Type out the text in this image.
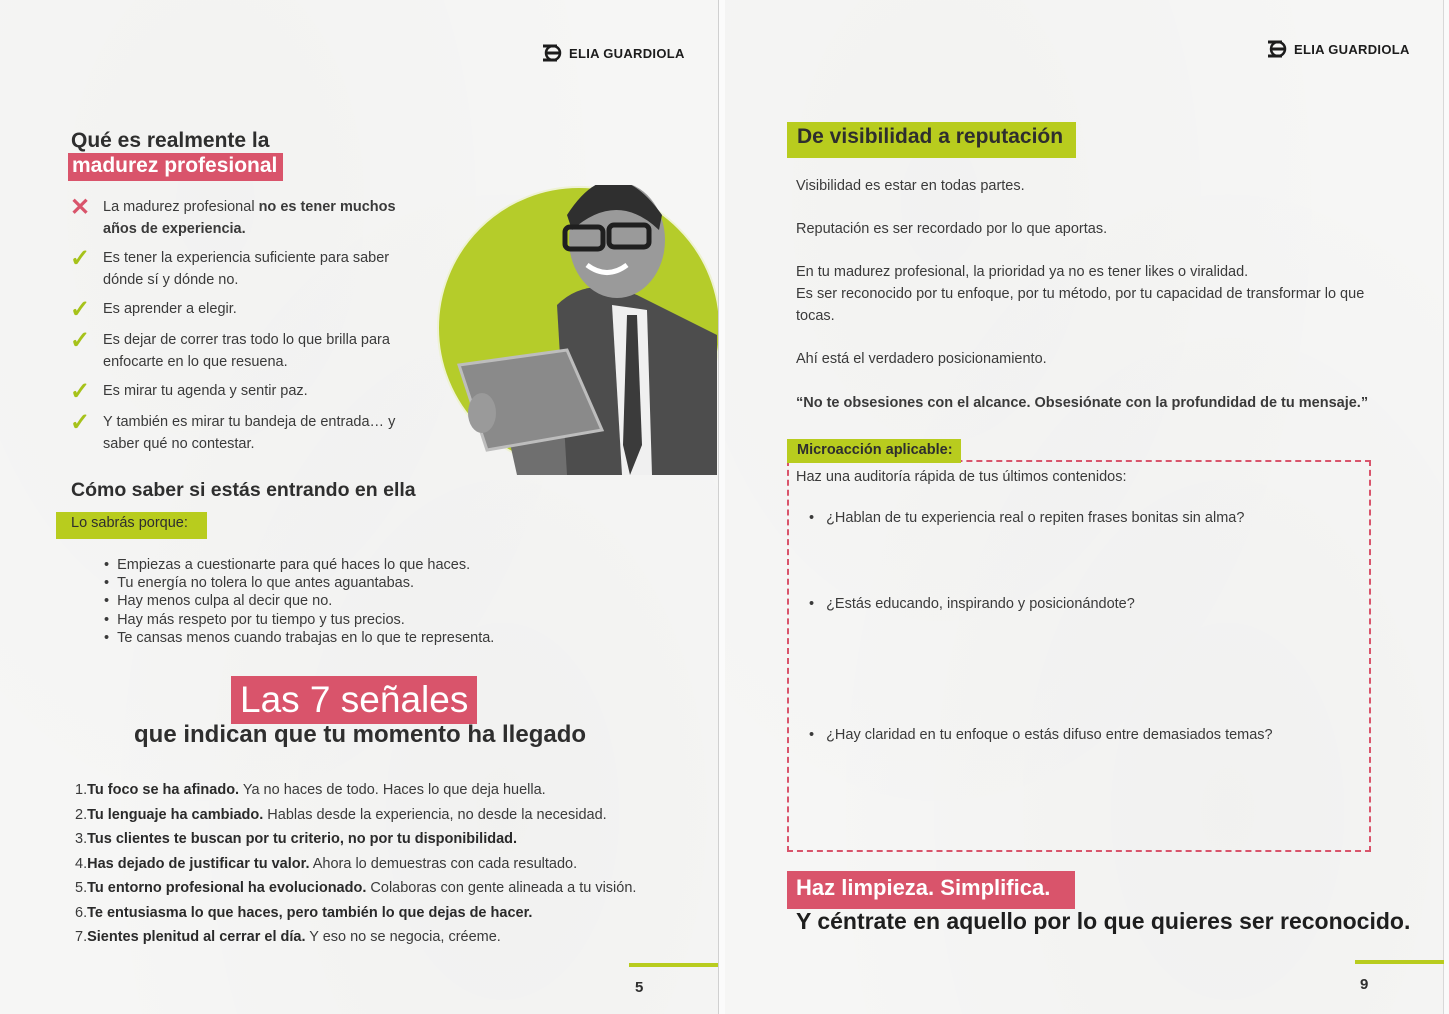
ELIA GUARDIOLA
Qué es realmente la
madurez profesional
✕ La madurez profesional no es tener muchos años de experiencia.
✓ Es tener la experiencia suficiente para saber dónde sí y dónde no.
✓ Es aprender a elegir.
✓ Es dejar de correr tras todo lo que brilla para enfocarte en lo que resuena.
✓ Es mirar tu agenda y sentir paz.
✓ Y también es mirar tu bandeja de entrada… y saber qué no contestar.
Cómo saber si estás entrando en ella
Lo sabrás porque:
• Empiezas a cuestionarte para qué haces lo que haces.
• Tu energía no tolera lo que antes aguantabas.
• Hay menos culpa al decir que no.
• Hay más respeto por tu tiempo y tus precios.
• Te cansas menos cuando trabajas en lo que te representa.
Las 7 señales
que indican que tu momento ha llegado
1.Tu foco se ha afinado. Ya no haces de todo. Haces lo que deja huella.
2.Tu lenguaje ha cambiado. Hablas desde la experiencia, no desde la necesidad.
3.Tus clientes te buscan por tu criterio, no por tu disponibilidad.
4.Has dejado de justificar tu valor. Ahora lo demuestras con cada resultado.
5.Tu entorno profesional ha evolucionado. Colaboras con gente alineada a tu visión.
6.Te entusiasma lo que haces, pero también lo que dejas de hacer.
7.Sientes plenitud al cerrar el día. Y eso no se negocia, créeme.
5
ELIA GUARDIOLA
De visibilidad a reputación
Visibilidad es estar en todas partes.
Reputación es ser recordado por lo que aportas.
En tu madurez profesional, la prioridad ya no es tener likes o viralidad.
Es ser reconocido por tu enfoque, por tu método, por tu capacidad de transformar lo que tocas.
Ahí está el verdadero posicionamiento.
“No te obsesiones con el alcance. Obsesiónate con la profundidad de tu mensaje.”
Microacción aplicable:
Haz una auditoría rápida de tus últimos contenidos:
• ¿Hablan de tu experiencia real o repiten frases bonitas sin alma?
• ¿Estás educando, inspirando y posicionándote?
• ¿Hay claridad en tu enfoque o estás difuso entre demasiados temas?
Haz limpieza. Simplifica.
Y céntrate en aquello por lo que quieres ser reconocido.
9
